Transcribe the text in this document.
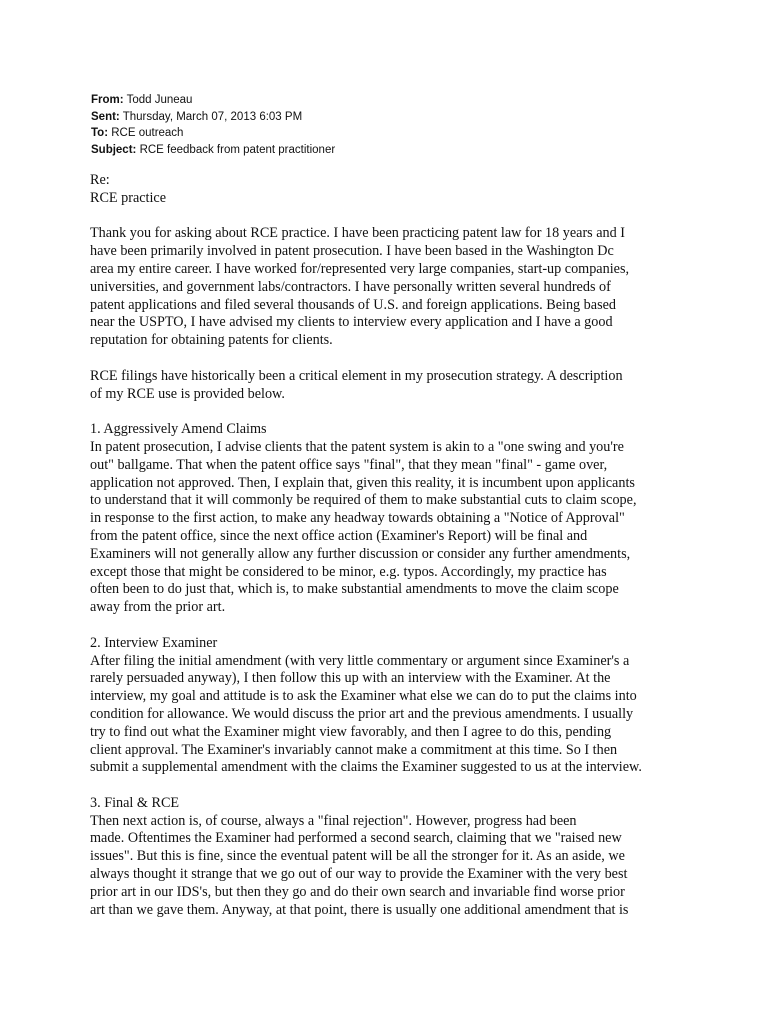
From: Todd Juneau
Sent: Thursday, March 07, 2013 6:03 PM
To: RCE outreach
Subject: RCE feedback from patent practitioner
Re:
RCE practice
Thank you for asking about RCE practice. I have been practicing patent law for 18 years and I
have been primarily involved in patent prosecution. I have been based in the Washington Dc
area my entire career. I have worked for/represented very large companies, start-up companies,
universities, and government labs/contractors. I have personally written several hundreds of
patent applications and filed several thousands of U.S. and foreign applications. Being based
near the USPTO, I have advised my clients to interview every application and I have a good
reputation for obtaining patents for clients.
RCE filings have historically been a critical element in my prosecution strategy. A description
of my RCE use is provided below.
1. Aggressively Amend Claims
In patent prosecution, I advise clients that the patent system is akin to a "one swing and you're
out" ballgame. That when the patent office says "final", that they mean "final" - game over,
application not approved. Then, I explain that, given this reality, it is incumbent upon applicants
to understand that it will commonly be required of them to make substantial cuts to claim scope,
in response to the first action, to make any headway towards obtaining a "Notice of Approval"
from the patent office, since the next office action (Examiner's Report) will be final and
Examiners will not generally allow any further discussion or consider any further amendments,
except those that might be considered to be minor, e.g. typos. Accordingly, my practice has
often been to do just that, which is, to make substantial amendments to move the claim scope
away from the prior art.
2. Interview Examiner
After filing the initial amendment (with very little commentary or argument since Examiner's a
rarely persuaded anyway), I then follow this up with an interview with the Examiner. At the
interview, my goal and attitude is to ask the Examiner what else we can do to put the claims into
condition for allowance. We would discuss the prior art and the previous amendments. I usually
try to find out what the Examiner might view favorably, and then I agree to do this, pending
client approval. The Examiner's invariably cannot make a commitment at this time. So I then
submit a supplemental amendment with the claims the Examiner suggested to us at the interview.
3. Final & RCE
Then next action is, of course, always a "final rejection". However, progress had been
made. Oftentimes the Examiner had performed a second search, claiming that we "raised new
issues". But this is fine, since the eventual patent will be all the stronger for it. As an aside, we
always thought it strange that we go out of our way to provide the Examiner with the very best
prior art in our IDS's, but then they go and do their own search and invariable find worse prior
art than we gave them. Anyway, at that point, there is usually one additional amendment that is
